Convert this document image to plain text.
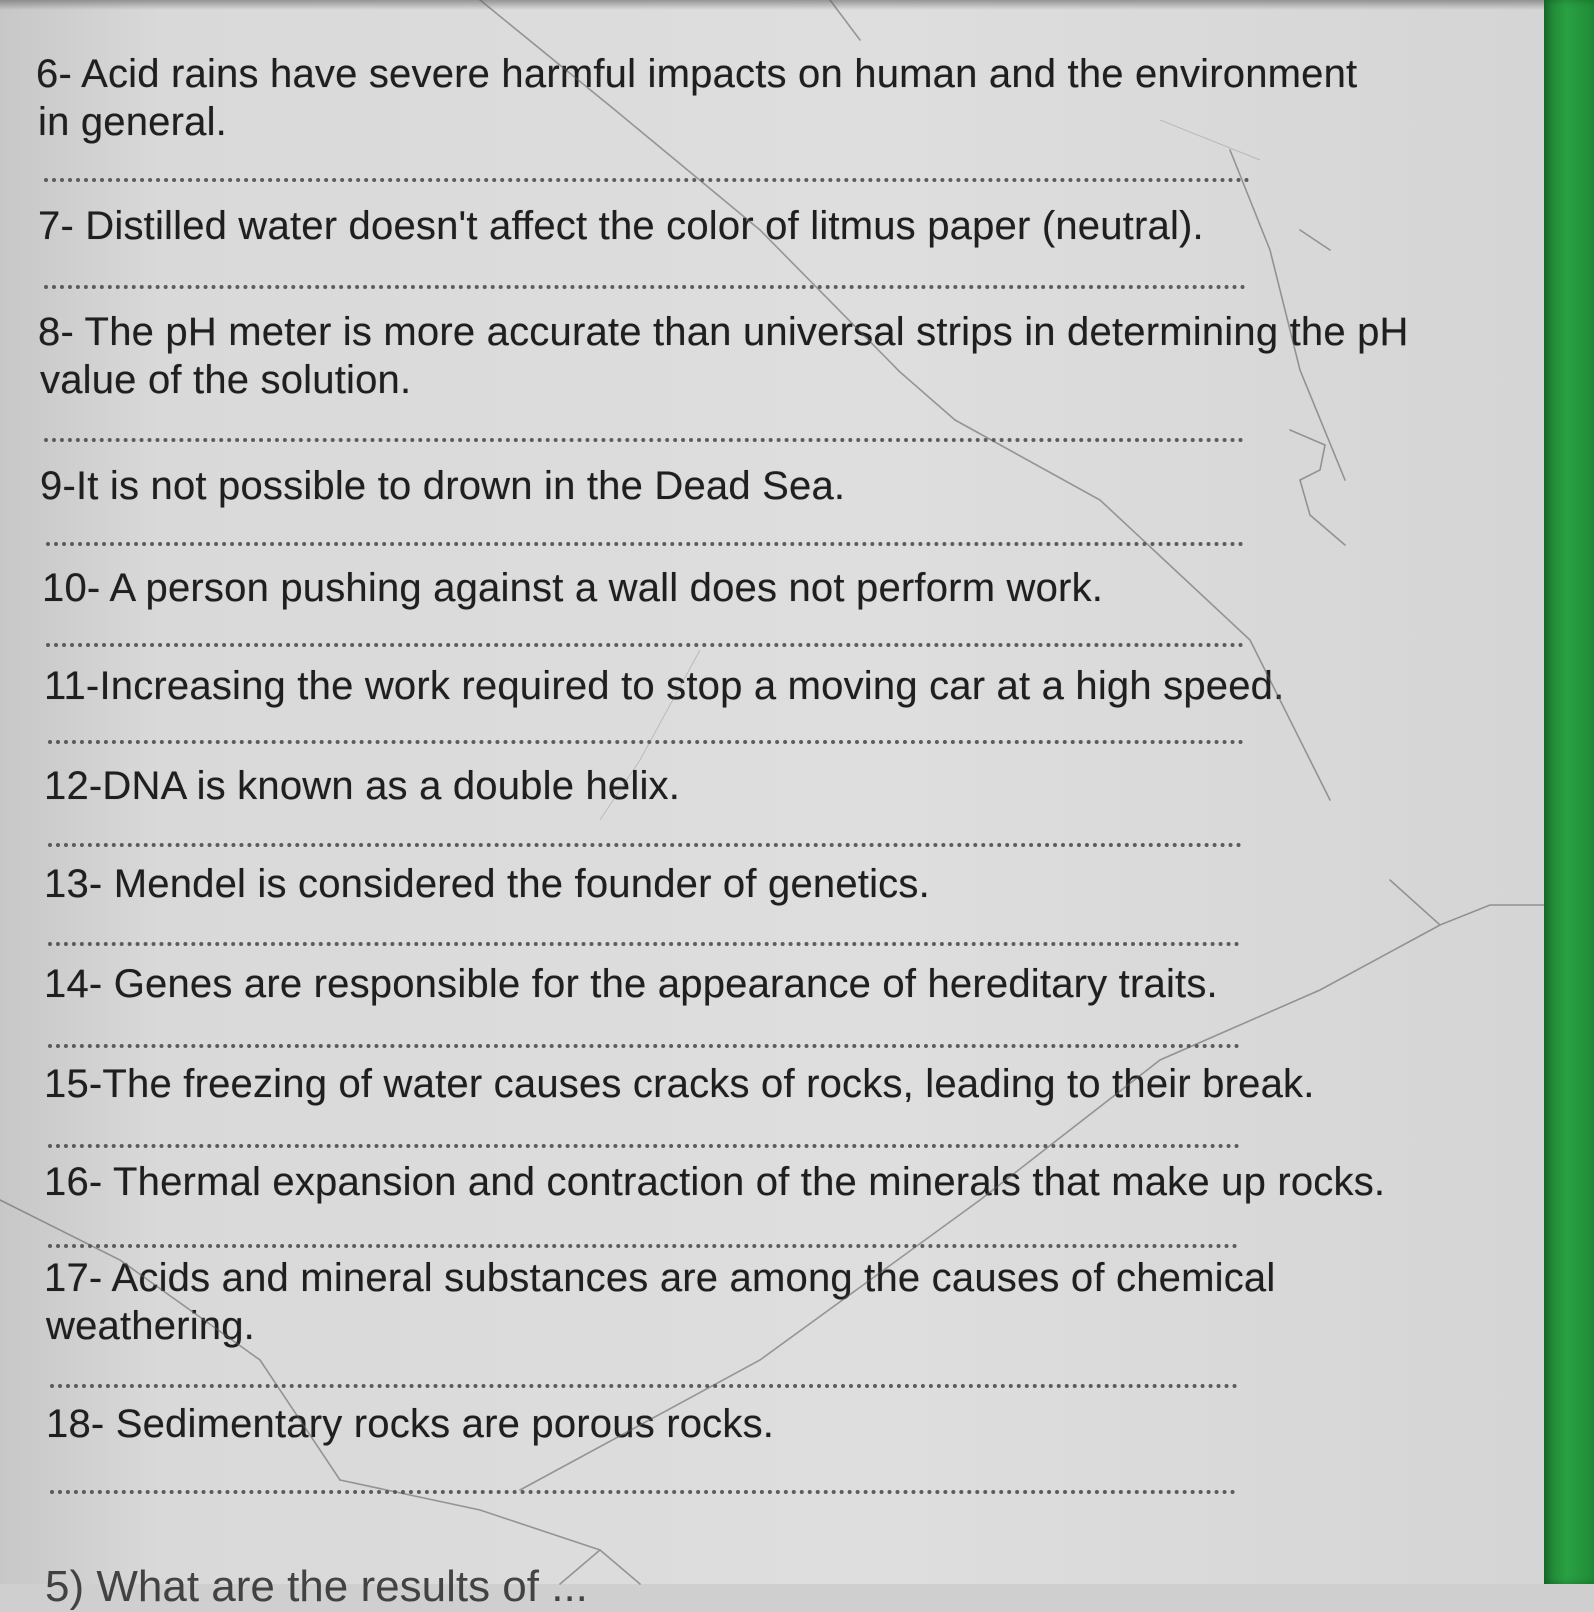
6- Acid rains have severe harmful impacts on human and the environment
in general.
7- Distilled water doesn't affect the color of litmus paper (neutral).
8- The pH meter is more accurate than universal strips in determining the pH
value of the solution.
9-It is not possible to drown in the Dead Sea.
10- A person pushing against a wall does not perform work.
11-Increasing the work required to stop a moving car at a high speed.
12-DNA is known as a double helix.
13- Mendel is considered the founder of genetics.
14- Genes are responsible for the appearance of hereditary traits.
15-The freezing of water causes cracks of rocks, leading to their break.
16- Thermal expansion and contraction of the minerals that make up rocks.
17- Acids and mineral substances are among the causes of chemical
weathering.
18- Sedimentary rocks are porous rocks.
5) What are the results of ...
